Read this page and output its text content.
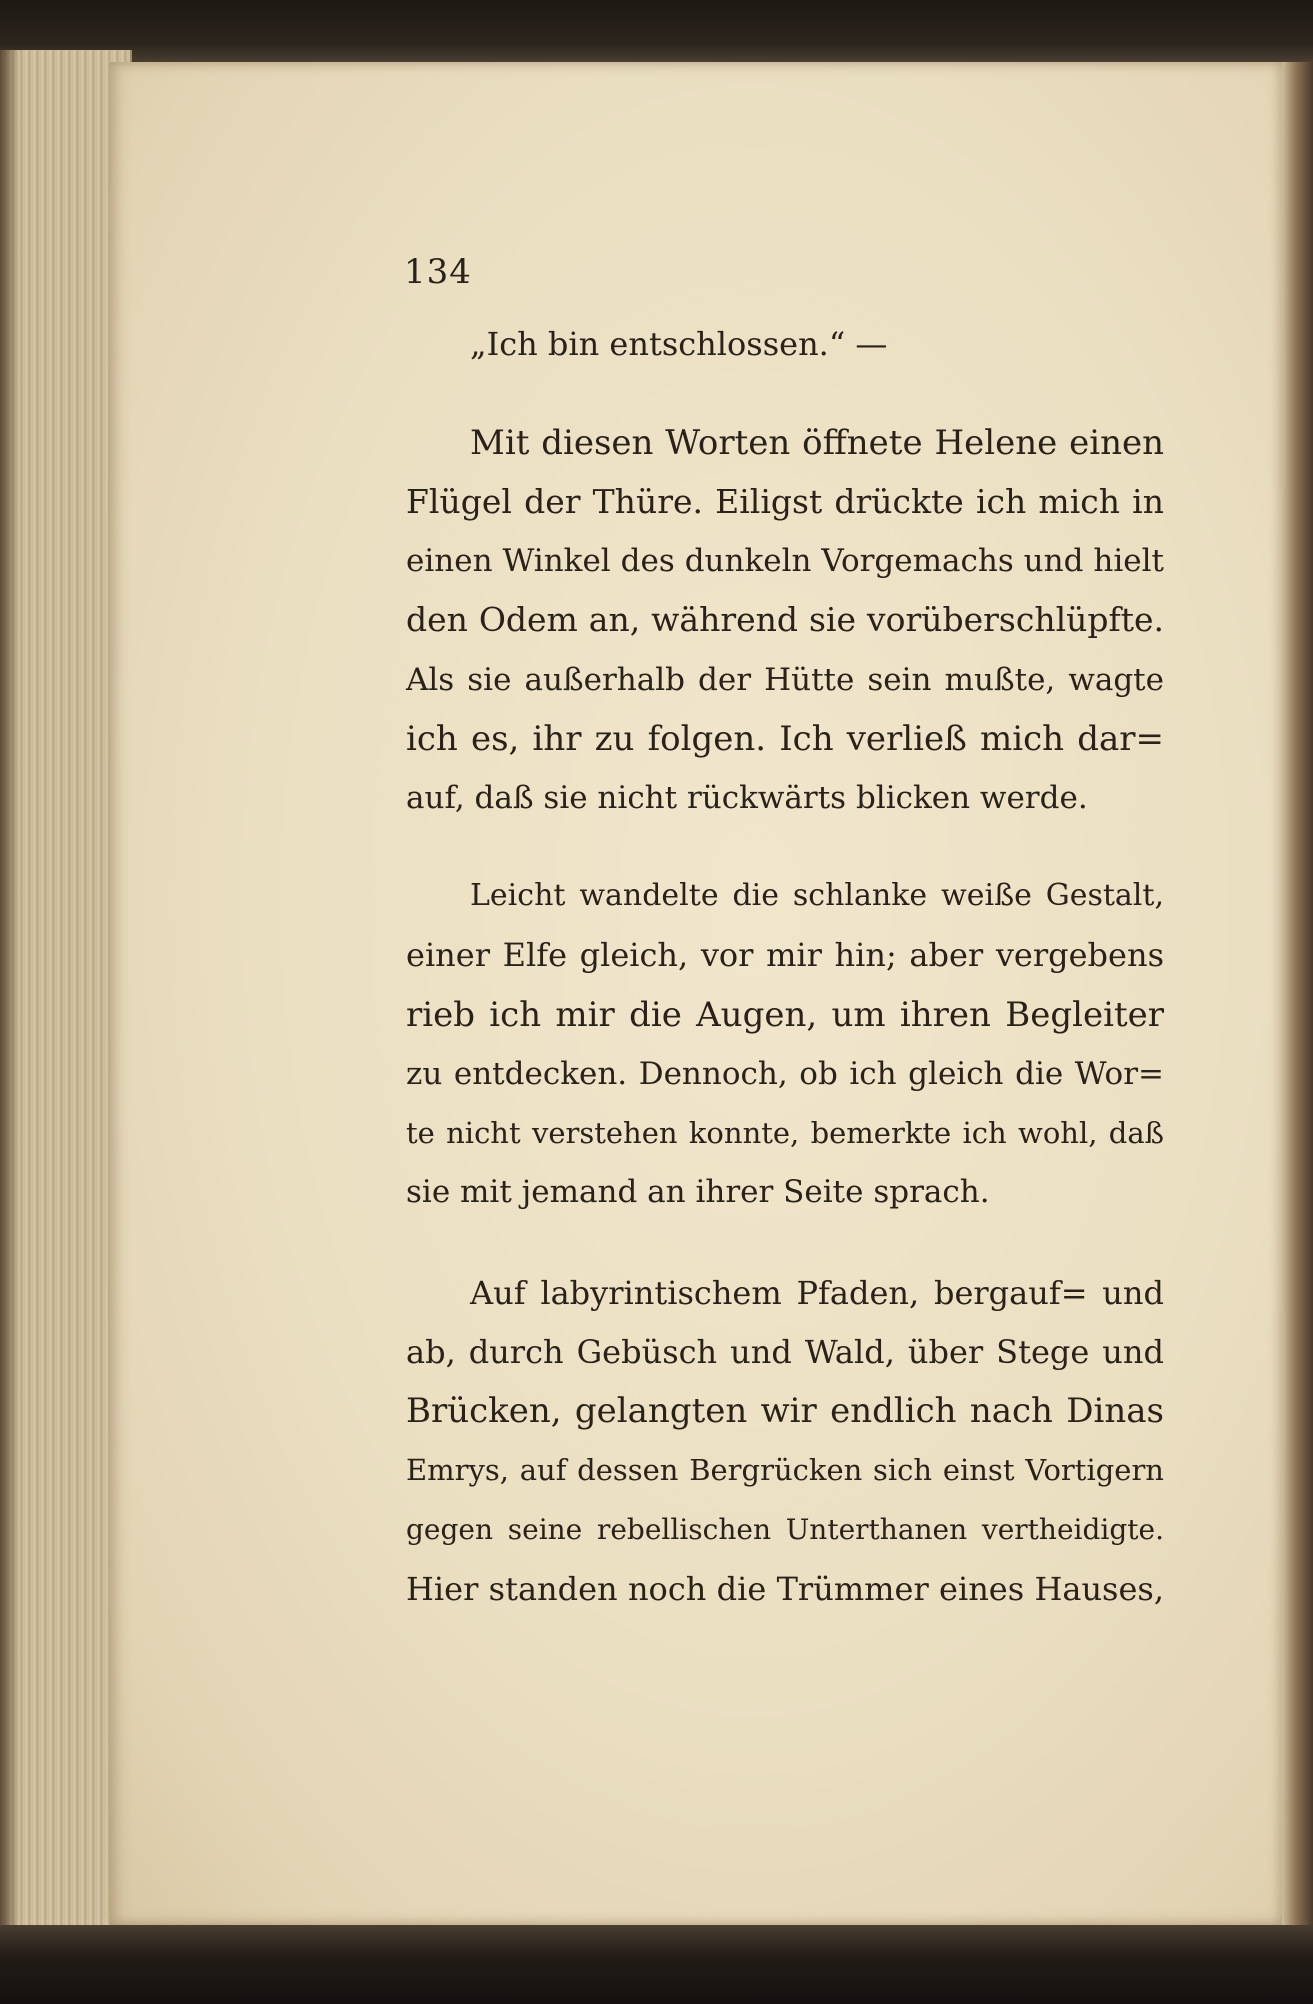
134
„Ich bin entschlossen.“ —
Mit diesen Worten öffnete Helene einen
Flügel der Thüre. Eiligst drückte ich mich in
einen Winkel des dunkeln Vorgemachs und hielt
den Odem an, während sie vorüberschlüpfte.
Als sie außerhalb der Hütte sein mußte, wagte
ich es, ihr zu folgen. Ich verließ mich dar=
auf, daß sie nicht rückwärts blicken werde.
Leicht wandelte die schlanke weiße Gestalt,
einer Elfe gleich, vor mir hin; aber vergebens
rieb ich mir die Augen, um ihren Begleiter
zu entdecken. Dennoch, ob ich gleich die Wor=
te nicht verstehen konnte, bemerkte ich wohl, daß
sie mit jemand an ihrer Seite sprach.
Auf labyrintischem Pfaden, bergauf= und
ab, durch Gebüsch und Wald, über Stege und
Brücken, gelangten wir endlich nach Dinas
Emrys, auf dessen Bergrücken sich einst Vortigern
gegen seine rebellischen Unterthanen vertheidigte.
Hier standen noch die Trümmer eines Hauses,
